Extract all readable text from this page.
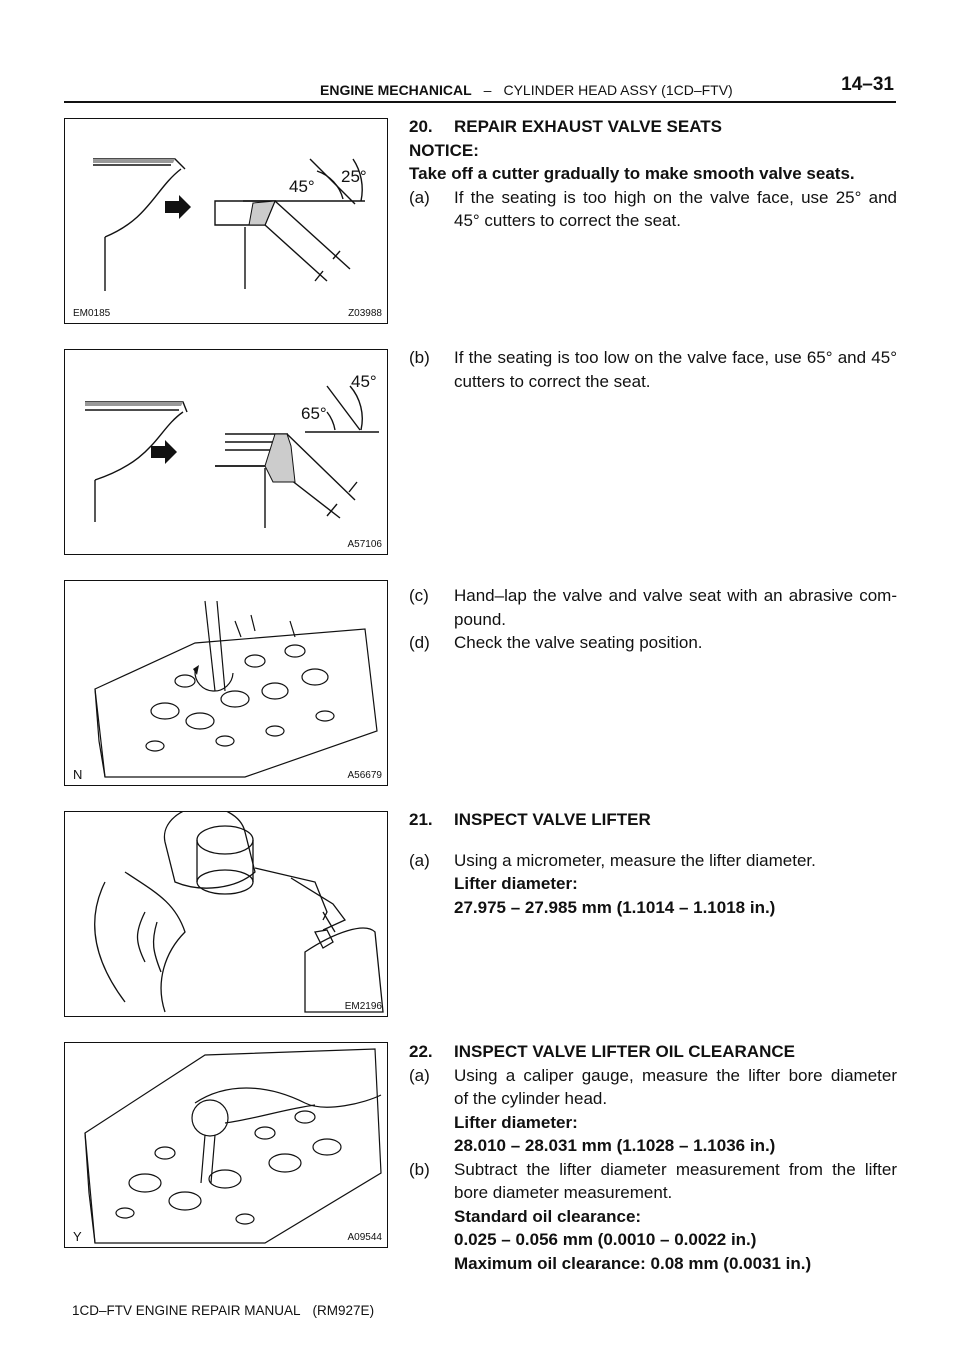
ENGINE MECHANICAL – CYLINDER HEAD ASSY (1CD–FTV)	14–31
45°
25°
EM0185	Z03988
45°
65°
A57106
N	A56679
EM2196
Y	A09544
20. REPAIR EXHAUST VALVE SEATS
NOTICE:
Take off a cutter gradually to make smooth valve seats.
(a)	If the seating is too high on the valve face, use 25° and
45° cutters to correct the seat.
(b)	If the seating is too low on the valve face, use 65° and 45°
cutters to correct the seat.
(c)	Hand–lap the valve and valve seat with an abrasive com-
pound.
(d) Check the valve seating position.
21. INSPECT VALVE LIFTER
(a) Using a micrometer, measure the lifter diameter.
Lifter diameter:
27.975 – 27.985 mm (1.1014 – 1.1018 in.)
22. INSPECT VALVE LIFTER OIL CLEARANCE
(a)	Using a caliper gauge, measure the lifter bore diameter
of the cylinder head.
Lifter diameter:
28.010 – 28.031 mm (1.1028 – 1.1036 in.)
(b)	Subtract the lifter diameter measurement from the lifter
bore diameter measurement.
Standard oil clearance:
0.025 – 0.056 mm (0.0010 – 0.0022 in.)
Maximum oil clearance: 0.08 mm (0.0031 in.)
1CD–FTV ENGINE REPAIR MANUAL (RM927E)
